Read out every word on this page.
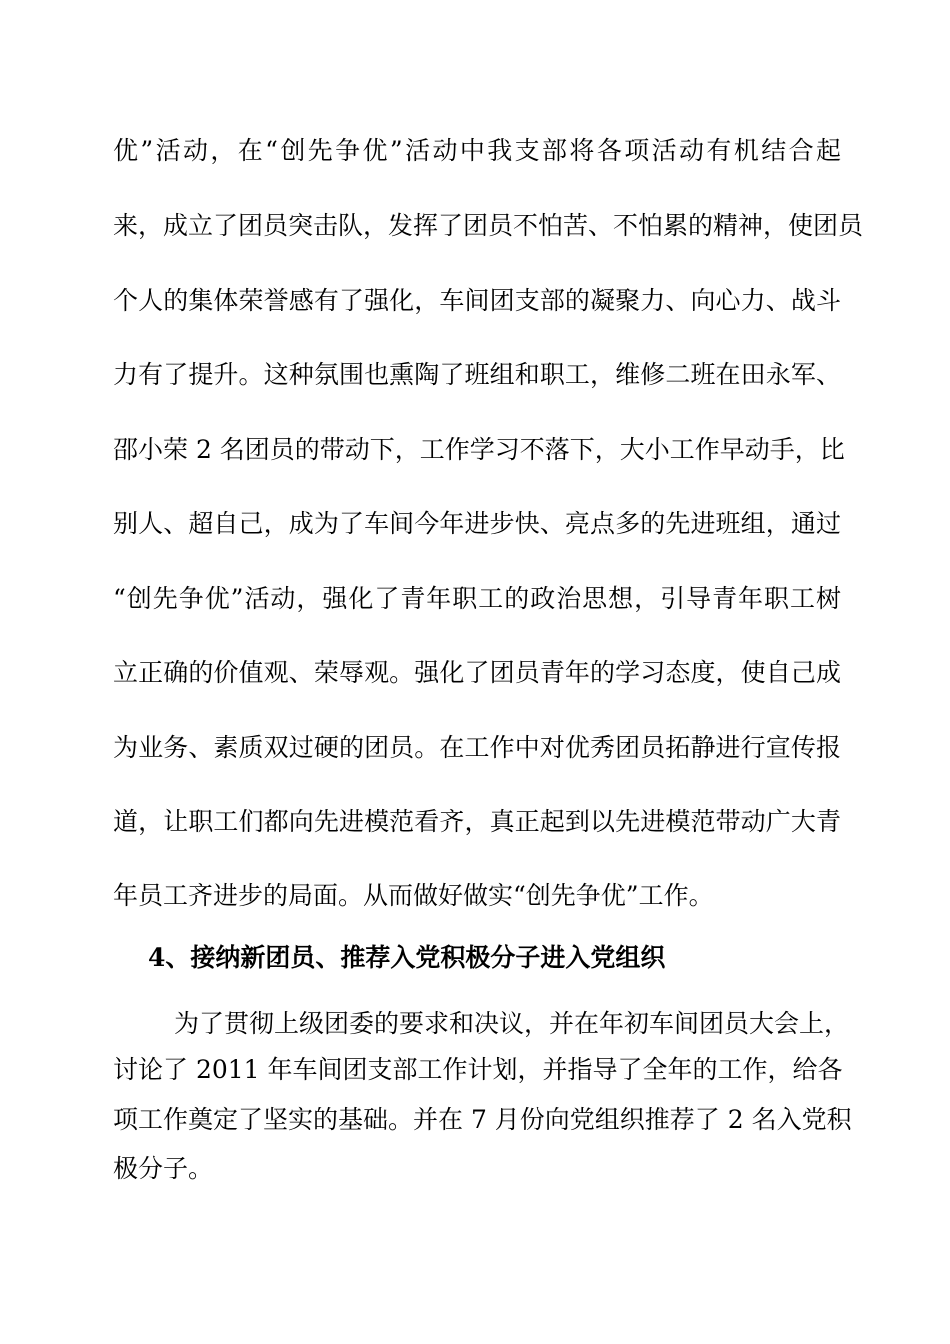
优”活动，在“创先争优”活动中我支部将各项活动有机结合起
来，成立了团员突击队，发挥了团员不怕苦、不怕累的精神，使团员
个人的集体荣誉感有了强化，车间团支部的凝聚力、向心力、战斗
力有了提升。这种氛围也熏陶了班组和职工，维修二班在田永军、
邵小荣 2 名团员的带动下，工作学习不落下，大小工作早动手，比
别人、超自己，成为了车间今年进步快、亮点多的先进班组，通过
“创先争优”活动，强化了青年职工的政治思想，引导青年职工树
立正确的价值观、荣辱观。强化了团员青年的学习态度，使自己成
为业务、素质双过硬的团员。在工作中对优秀团员拓静进行宣传报
道，让职工们都向先进模范看齐，真正起到以先进模范带动广大青
年员工齐进步的局面。从而做好做实“创先争优”工作。
4、接纳新团员、推荐入党积极分子进入党组织
为了贯彻上级团委的要求和决议，并在年初车间团员大会上，
讨论了 2011 年车间团支部工作计划，并指导了全年的工作，给各
项工作奠定了坚实的基础。并在 7 月份向党组织推荐了 2 名入党积
极分子。
